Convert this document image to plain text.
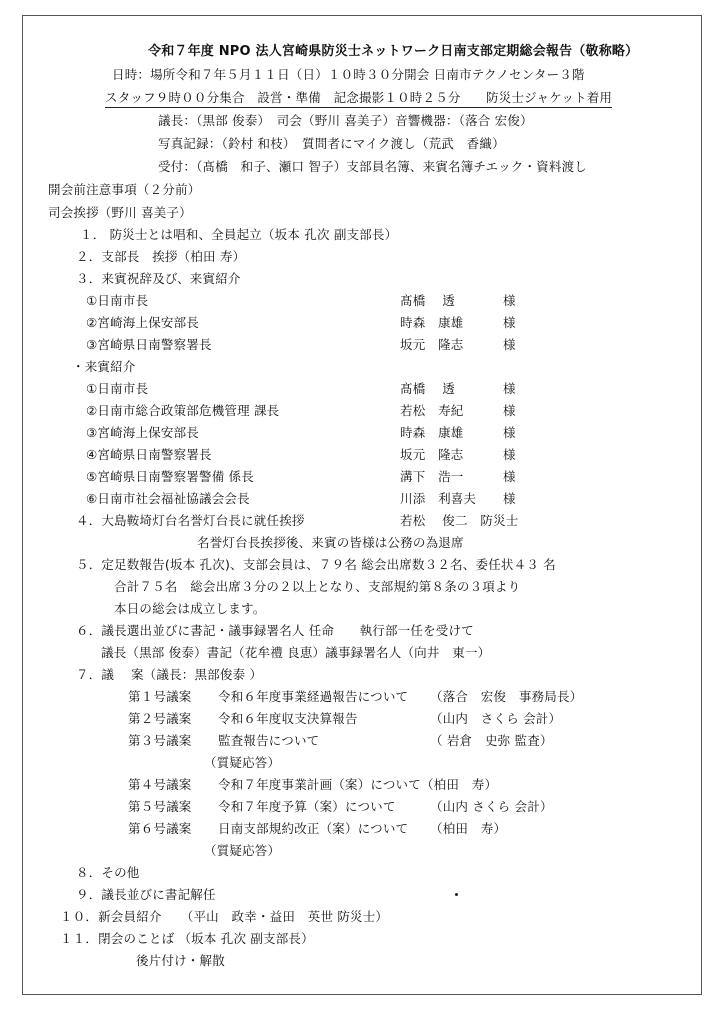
令和７年度 NPO 法人宮崎県防災士ネットワーク日南支部定期総会報告（敬称略）
日時：場所令和７年５月１１日（日）１０時３０分開会 日南市テクノセンター３階
スタッフ９時００分集合　設営・準備　記念撮影１０時２５分　　防災士ジャケット着用
議長：（黒部 俊泰）　司会（野川 喜美子）音響機器：（落合 宏俊）
写真記録：（鈴村 和枝）　質問者にマイク渡し（荒武　香織）
受付：（髙橋　和子、瀬口 智子）支部員名簿、来賓名簿チエック・資料渡し
開会前注意事項（２分前）
司会挨拶（野川 喜美子）
１． 防災士とは唱和、全員起立（坂本 孔次 副支部長）
２．支部長　挨拶（柏田 寿）
３．来賓祝辞及び、来賓紹介
①日南市長	髙橋　 透	様
②宮崎海上保安部長	時森　康雄	様
③宮崎県日南警察署長	坂元　隆志	様
・来賓紹介
①日南市長	髙橋　 透	様
②日南市総合政策部危機管理 課長	若松　寿紀	様
③宮崎海上保安部長	時森　康雄	様
④宮崎県日南警察署長	坂元　隆志	様
⑤宮崎県日南警察署警備 係長	溝下　浩一	様
⑥日南市社会福祉協議会会長	川添　利喜夫 様
４．大島鞍埼灯台名誉灯台長に就任挨拶	若松　 俊二　防災士
名誉灯台長挨拶後、来賓の皆様は公務の為退席
５．定足数報告(坂本 孔次)、支部会員は、７９名 総会出席数３２名、委任状４３ 名
合計７５名　総会出席３分の２以上となり、支部規約第８条の３項より
本日の総会は成立します。
６．議長選出並びに書記・議事録署名人 任命　　執行部一任を受けて
議長（黒部 俊泰）書記（花牟禮 良恵）議事録署名人（向井　東一）
７．議　 案（議長：黒部俊泰 ）
第１号議案 令和６年度事業経過報告について （落合　宏俊　事務局長）
第２号議案 令和６年度収支決算報告	（山内　さくら 会計）
第３号議案 監査報告について	（ 岩倉　史弥 監査）
（質疑応答）
第４号議案 令和７年度事業計画（案）について（柏田　寿）
第５号議案 令和７年度予算（案）について	（山内 さくら 会計）
第６号議案 日南支部規約改正（案）について （柏田　寿）
（質疑応答）
８．その他
９．議長並びに書記解任
１０．新会員紹介　　（平山　政幸・益田　英世 防災士）
１１．閉会のことば （坂本 孔次 副支部長）
後片付け・解散
